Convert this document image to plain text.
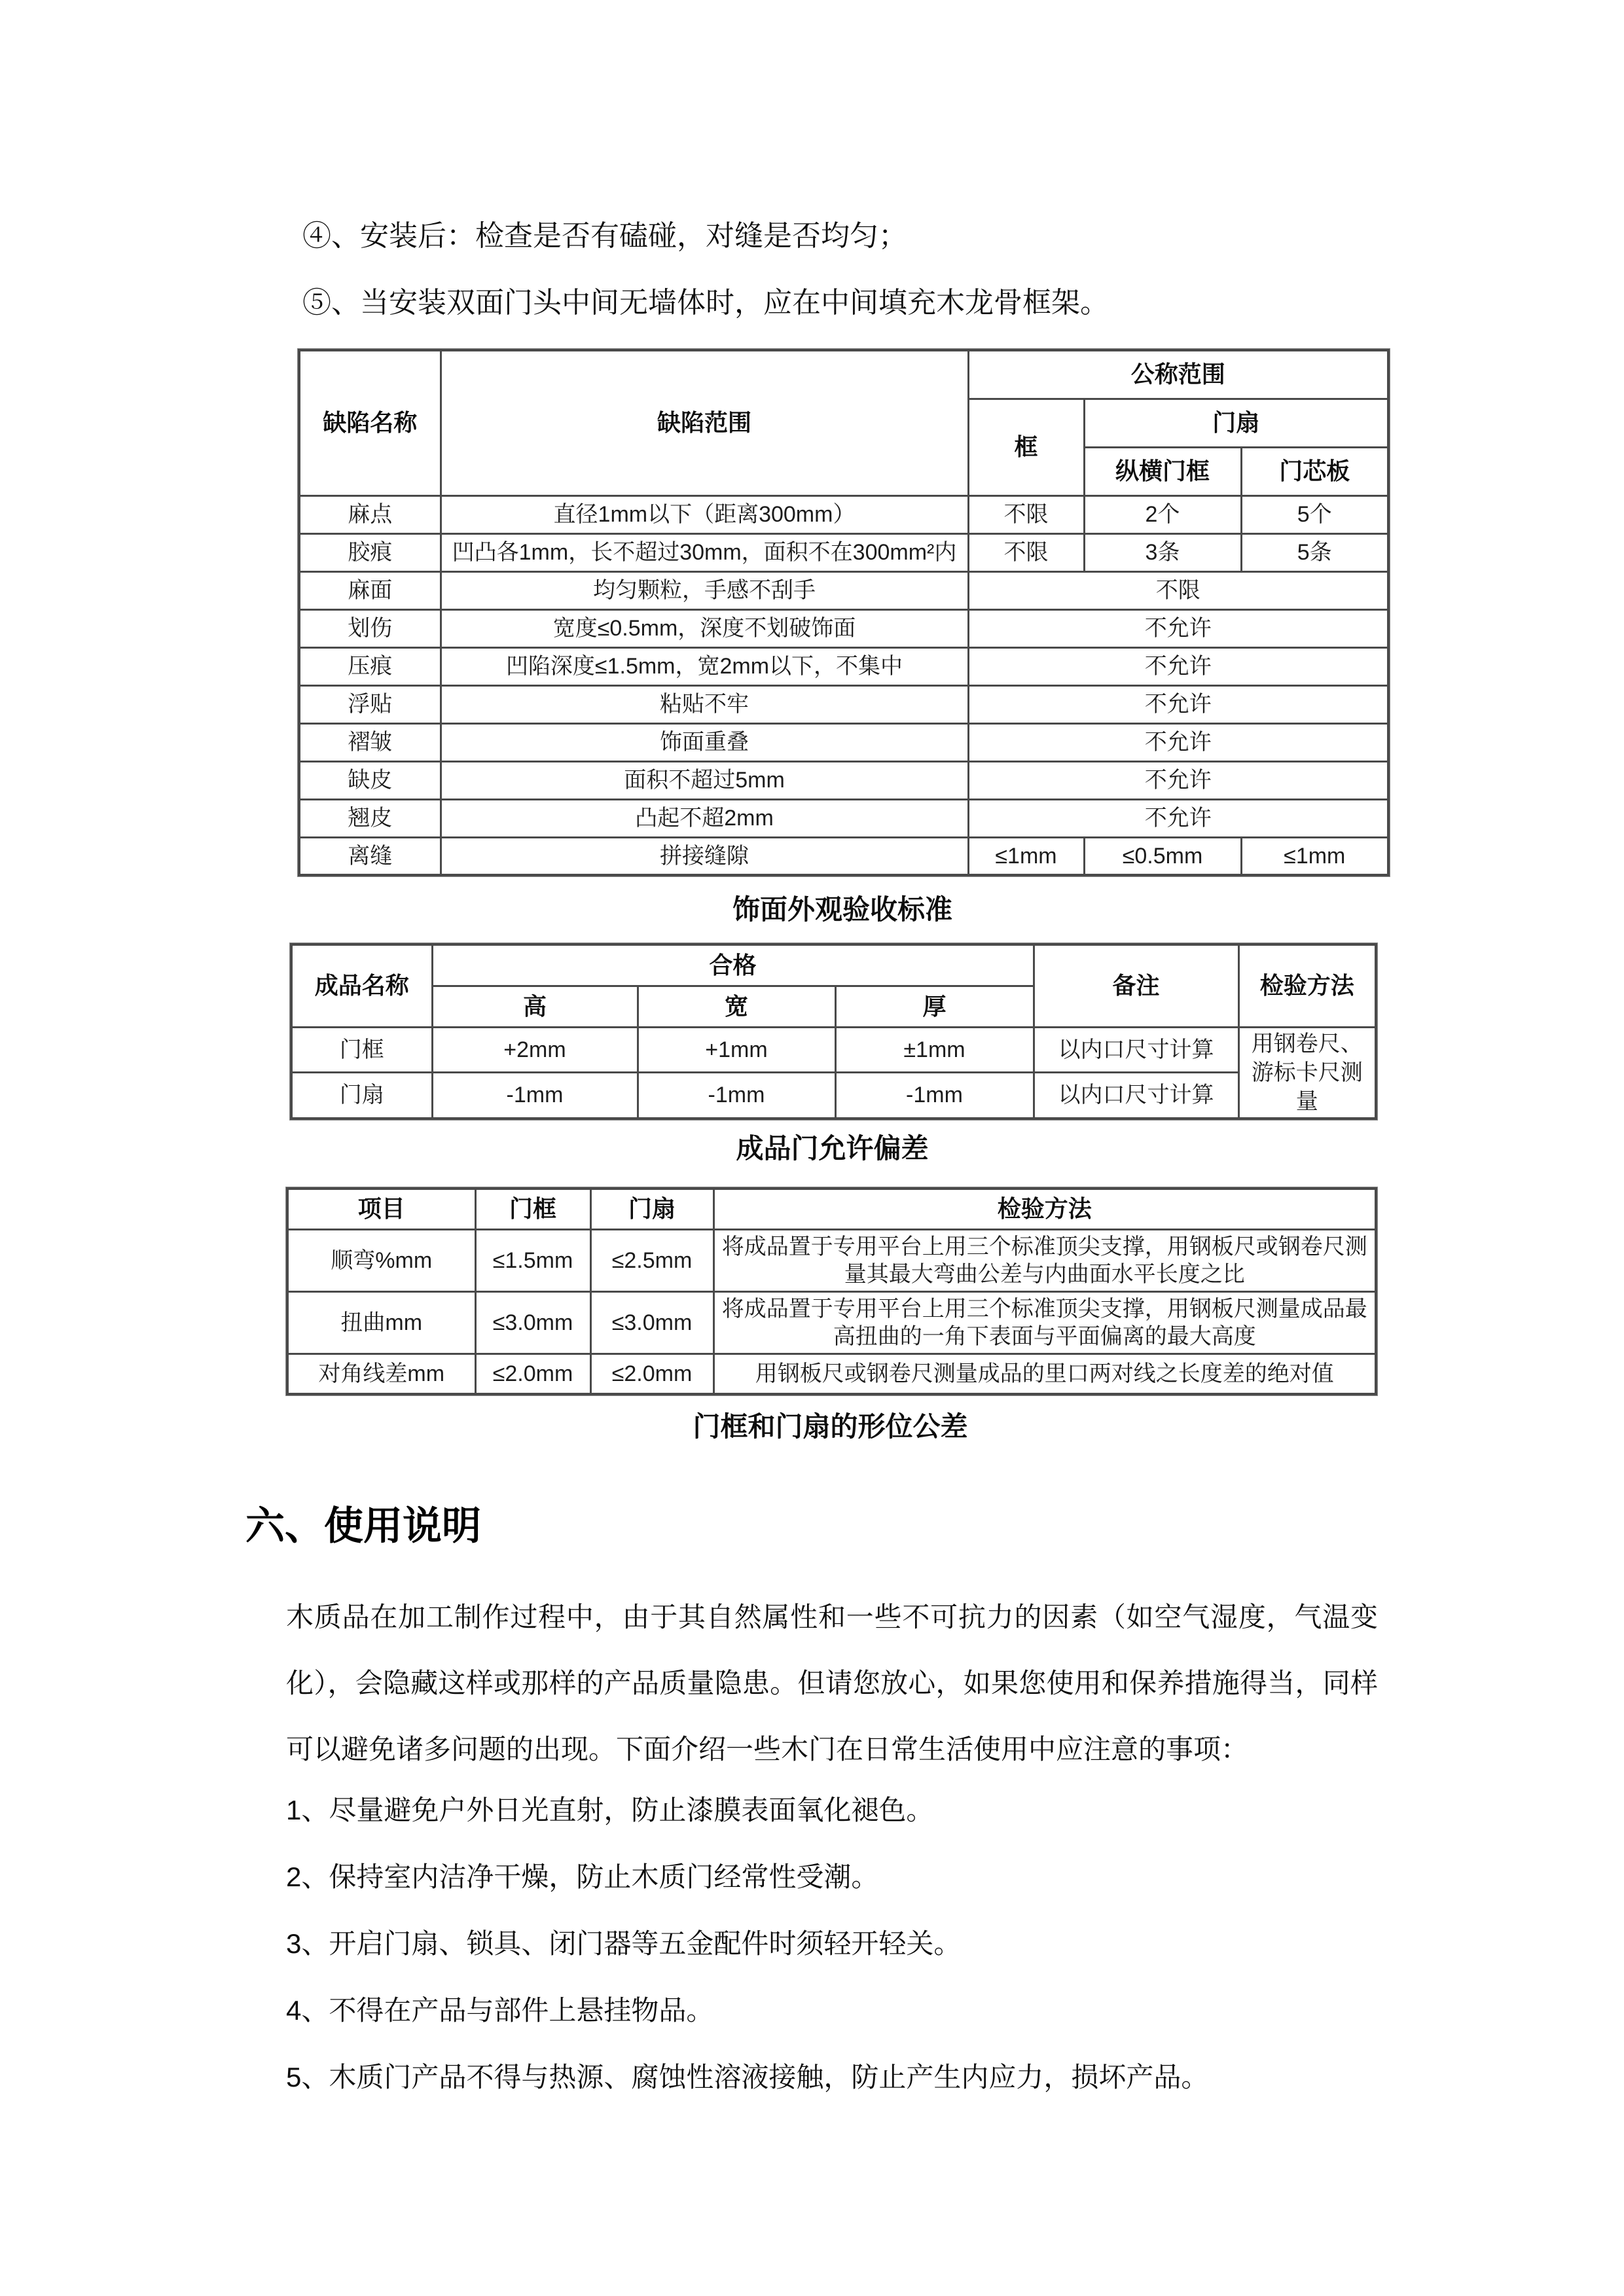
④、安装后：检查是否有磕碰，对缝是否均匀；

⑤、当安装双面门头中间无墙体时，应在中间填充木龙骨框架。

缺陷名称	缺陷范围	公称范围		
		框	门扇	
			纵横门框	门芯板
麻点	直径1mm以下（距离300mm）	不限	2个	5个
胶痕	凹凸各1mm，长不超过30mm，面积不在300mm²内	不限	3条	5条
麻面	均匀颗粒，手感不刮手	不限		
划伤	宽度≤0.5mm，深度不划破饰面	不允许		
压痕	凹陷深度≤1.5mm，宽2mm以下，不集中	不允许		
浮贴	粘贴不牢	不允许		
褶皱	饰面重叠	不允许		
缺皮	面积不超过5mm	不允许		
翘皮	凸起不超2mm	不允许		
离缝	拼接缝隙	≤1mm	≤0.5mm	≤1mm

饰面外观验收标准

成品名称	合格			备注	检验方法
	高	宽	厚		
门框	+2mm	+1mm	±1mm	以内口尺寸计算	用钢卷尺、游标卡尺测量
门扇	-1mm	-1mm	-1mm	以内口尺寸计算	

成品门允许偏差

项目	门框	门扇	检验方法
顺弯%mm	≤1.5mm	≤2.5mm	将成品置于专用平台上用三个标准顶尖支撑，用钢板尺或钢卷尺测量其最大弯曲公差与内曲面水平长度之比
扭曲mm	≤3.0mm	≤3.0mm	将成品置于专用平台上用三个标准顶尖支撑，用钢板尺测量成品最高扭曲的一角下表面与平面偏离的最大高度
对角线差mm	≤2.0mm	≤2.0mm	用钢板尺或钢卷尺测量成品的里口两对线之长度差的绝对值

门框和门扇的形位公差

六、使用说明

木质品在加工制作过程中，由于其自然属性和一些不可抗力的因素（如空气湿度，气温变化），会隐藏这样或那样的产品质量隐患。但请您放心，如果您使用和保养措施得当，同样可以避免诸多问题的出现。下面介绍一些木门在日常生活使用中应注意的事项：

1、尽量避免户外日光直射，防止漆膜表面氧化褪色。

2、保持室内洁净干燥，防止木质门经常性受潮。

3、开启门扇、锁具、闭门器等五金配件时须轻开轻关。

4、不得在产品与部件上悬挂物品。

5、木质门产品不得与热源、腐蚀性溶液接触，防止产生内应力，损坏产品。
